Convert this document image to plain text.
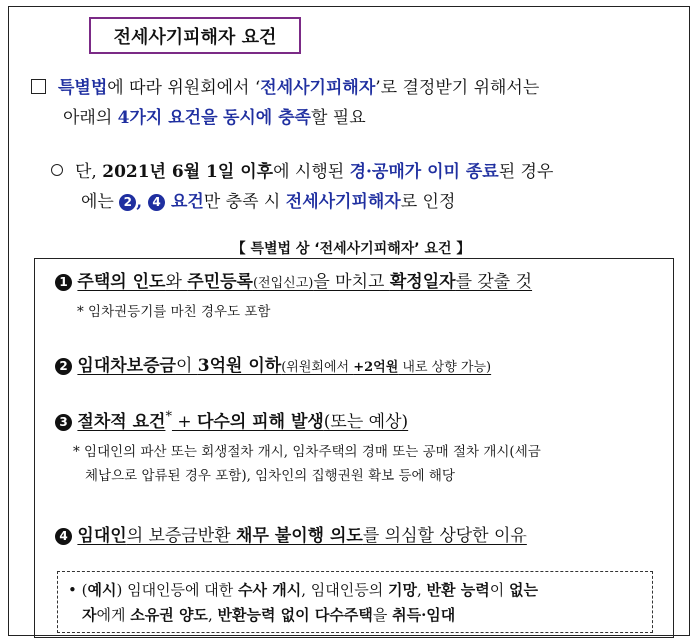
전세사기피해자 요건
특별법에 따라 위원회에서 ‘전세사기피해자’로 결정받기 위해서는
아래의 4가지 요건을 동시에 충족할 필요
단, 2021년 6월 1일 이후에 시행된 경·공매가 이미 종료된 경우
에는 2 , 4 요건만 충족 시 전세사기피해자로 인정
【 특별법 상 ‘전세사기피해자’ 요건 】
1 주택의 인도와 주민등록(전입신고)을 마치고 확정일자를 갖출 것
* 임차권등기를 마친 경우도 포함
2 임대차보증금이 3억원 이하(위원회에서 +2억원 내로 상향 가능)
3 절차적 요건* + 다수의 피해 발생(또는 예상)
* 임대인의 파산 또는 회생절차 개시, 임차주택의 경매 또는 공매 절차 개시(세금
체납으로 압류된 경우 포함), 임차인의 집행권원 확보 등에 해당
4 임대인의 보증금반환 채무 불이행 의도를 의심할 상당한 이유
• (예시) 임대인등에 대한 수사 개시, 임대인등의 기망, 반환 능력이 없는
자에게 소유권 양도, 반환능력 없이 다수주택을 취득·임대
